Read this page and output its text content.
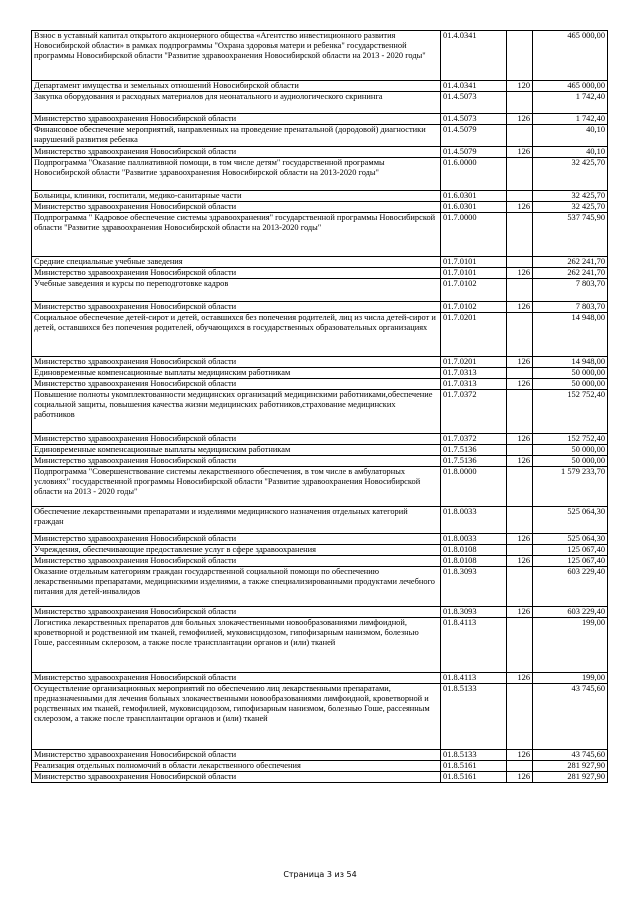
Взнос в уставный капитал открытого акционерного общества «Агентство инвестиционного развития Новосибирской области» в рамках подпрограммы "Охрана здоровья матери и ребенка" государственной программы Новосибирской области "Развитие здравоохранения Новосибирской области на 2013 - 2020 годы"	01.4.0341		465 000,00
Департамент имущества и земельных отношений Новосибирской области	01.4.0341	120	465 000,00
Закупка оборудования и расходных материалов для неонатального и аудиологического скрининга	01.4.5073		1 742,40
Министерство здравоохранения Новосибирской области	01.4.5073	126	1 742,40
Финансовое обеспечение мероприятий, направленных на проведение пренатальной (дородовой) диагностики нарушений развития ребенка	01.4.5079		40,10
Министерство здравоохранения Новосибирской области	01.4.5079	126	40,10
Подпрограмма "Оказание паллиативной помощи, в том числе детям" государственной программы Новосибирской области "Развитие здравоохранения Новосибирской области на 2013-2020 годы"	01.6.0000		32 425,70
Больницы, клиники, госпитали, медико-санитарные части	01.6.0301		32 425,70
Министерство здравоохранения Новосибирской области	01.6.0301	126	32 425,70
Подпрограмма " Кадровое обеспечение системы здравоохранения" государственной программы Новосибирской области "Развитие здравоохранения Новосибирской области на 2013-2020 годы"	01.7.0000		537 745,90
Средние специальные учебные заведения	01.7.0101		262 241,70
Министерство здравоохранения Новосибирской области	01.7.0101	126	262 241,70
Учебные заведения и курсы по переподготовке кадров	01.7.0102		7 803,70
Министерство здравоохранения Новосибирской области	01.7.0102	126	7 803,70
Социальное обеспечение детей-сирот и детей, оставшихся без попечения родителей, лиц из числа детей-сирот и детей, оставшихся без попечения родителей, обучающихся в государственных образовательных организациях	01.7.0201		14 948,00
Министерство здравоохранения Новосибирской области	01.7.0201	126	14 948,00
Единовременные компенсационные выплаты медицинским работникам	01.7.0313		50 000,00
Министерство здравоохранения Новосибирской области	01.7.0313	126	50 000,00
Повышение полноты укомплектованности медицинских организаций медицинскими работниками,обеспечение социальной защиты, повышения качества жизни медицинских работников,страхование медицинских работников	01.7.0372		152 752,40
Министерство здравоохранения Новосибирской области	01.7.0372	126	152 752,40
Единовременные компенсационные выплаты медицинским работникам	01.7.5136		50 000,00
Министерство здравоохранения Новосибирской области	01.7.5136	126	50 000,00
Подпрограмма "Совершенствование системы лекарственного обеспечения, в том числе в амбулаторных условиях" государственной программы Новосибирской области "Развитие здравоохранения Новосибирской области на 2013 - 2020 годы"	01.8.0000		1 579 233,70
Обеспечение лекарственными препаратами и изделиями медицинского назначения отдельных категорий граждан	01.8.0033		525 064,30
Министерство здравоохранения Новосибирской области	01.8.0033	126	525 064,30
Учреждения, обеспечивающие предоставление услуг в сфере здравоохранения	01.8.0108		125 067,40
Министерство здравоохранения Новосибирской области	01.8.0108	126	125 067,40
Оказание отдельным категориям граждан государственной социальной помощи по обеспечению лекарственными препаратами, медицинскими изделиями, а также специализированными продуктами лечебного питания для детей-инвалидов	01.8.3093		603 229,40
Министерство здравоохранения Новосибирской области	01.8.3093	126	603 229,40
Логистика лекарственных препаратов для больных злокачественными новообразованиями лимфоидной, кроветворной и родственной им тканей, гемофилией, муковисцидозом, гипофизарным нанизмом, болезнью Гоше, рассеянным склерозом, а также после трансплантации органов и (или) тканей	01.8.4113		199,00
Министерство здравоохранения Новосибирской области	01.8.4113	126	199,00
Осуществление организационных мероприятий по обеспечению лиц лекарственными препаратами, предназначенными для лечения больных злокачественными новообразованиями лимфоидной, кроветворной и родственных им тканей, гемофилией, муковисцидозом, гипофизарным нанизмом, болезнью Гоше, рассеянным склерозом, а также после трансплантации органов и (или) тканей	01.8.5133		43 745,60
Министерство здравоохранения Новосибирской области	01.8.5133	126	43 745,60
Реализация отдельных полномочий в области лекарственного обеспечения	01.8.5161		281 927,90
Министерство здравоохранения Новосибирской области	01.8.5161	126	281 927,90
Страница 3 из 54
